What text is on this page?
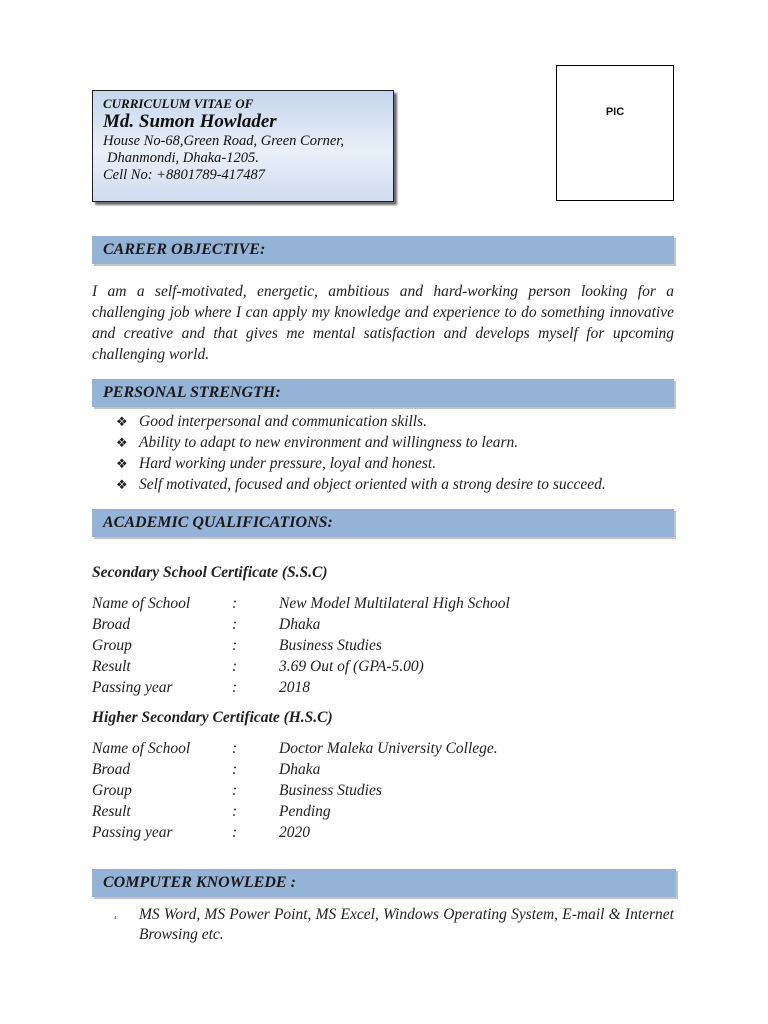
CURRICULUM VITAE OF
Md. Sumon Howlader
House No-68,Green Road, Green Corner,
Dhanmondi, Dhaka-1205.
Cell No: +8801789-417487
PIC
CAREER OBJECTIVE:
I am a self-motivated, energetic, ambitious and hard-working person looking for a challenging job where I can apply my knowledge and experience to do something innovative and creative and that gives me mental satisfaction and develops myself for upcoming challenging world.
PERSONAL STRENGTH:
❖ Good interpersonal and communication skills.
❖ Ability to adapt to new environment and willingness to learn.
❖ Hard working under pressure, loyal and honest.
❖ Self motivated, focused and object oriented with a strong desire to succeed.
ACADEMIC QUALIFICATIONS:
Secondary School Certificate (S.S.C)
Name of School	:	New Model Multilateral High School
Broad	:	Dhaka
Group	:	Business Studies
Result	:	3.69 Out of (GPA-5.00)
Passing year	:	2018
Higher Secondary Certificate (H.S.C)
Name of School	:	Doctor Maleka University College.
Broad	:	Dhaka
Group	:	Business Studies
Result	:	Pending
Passing year	:	2020
COMPUTER KNOWLEDE :
⁴ MS Word, MS Power Point, MS Excel, Windows Operating System, E-mail & Internet Browsing etc.
